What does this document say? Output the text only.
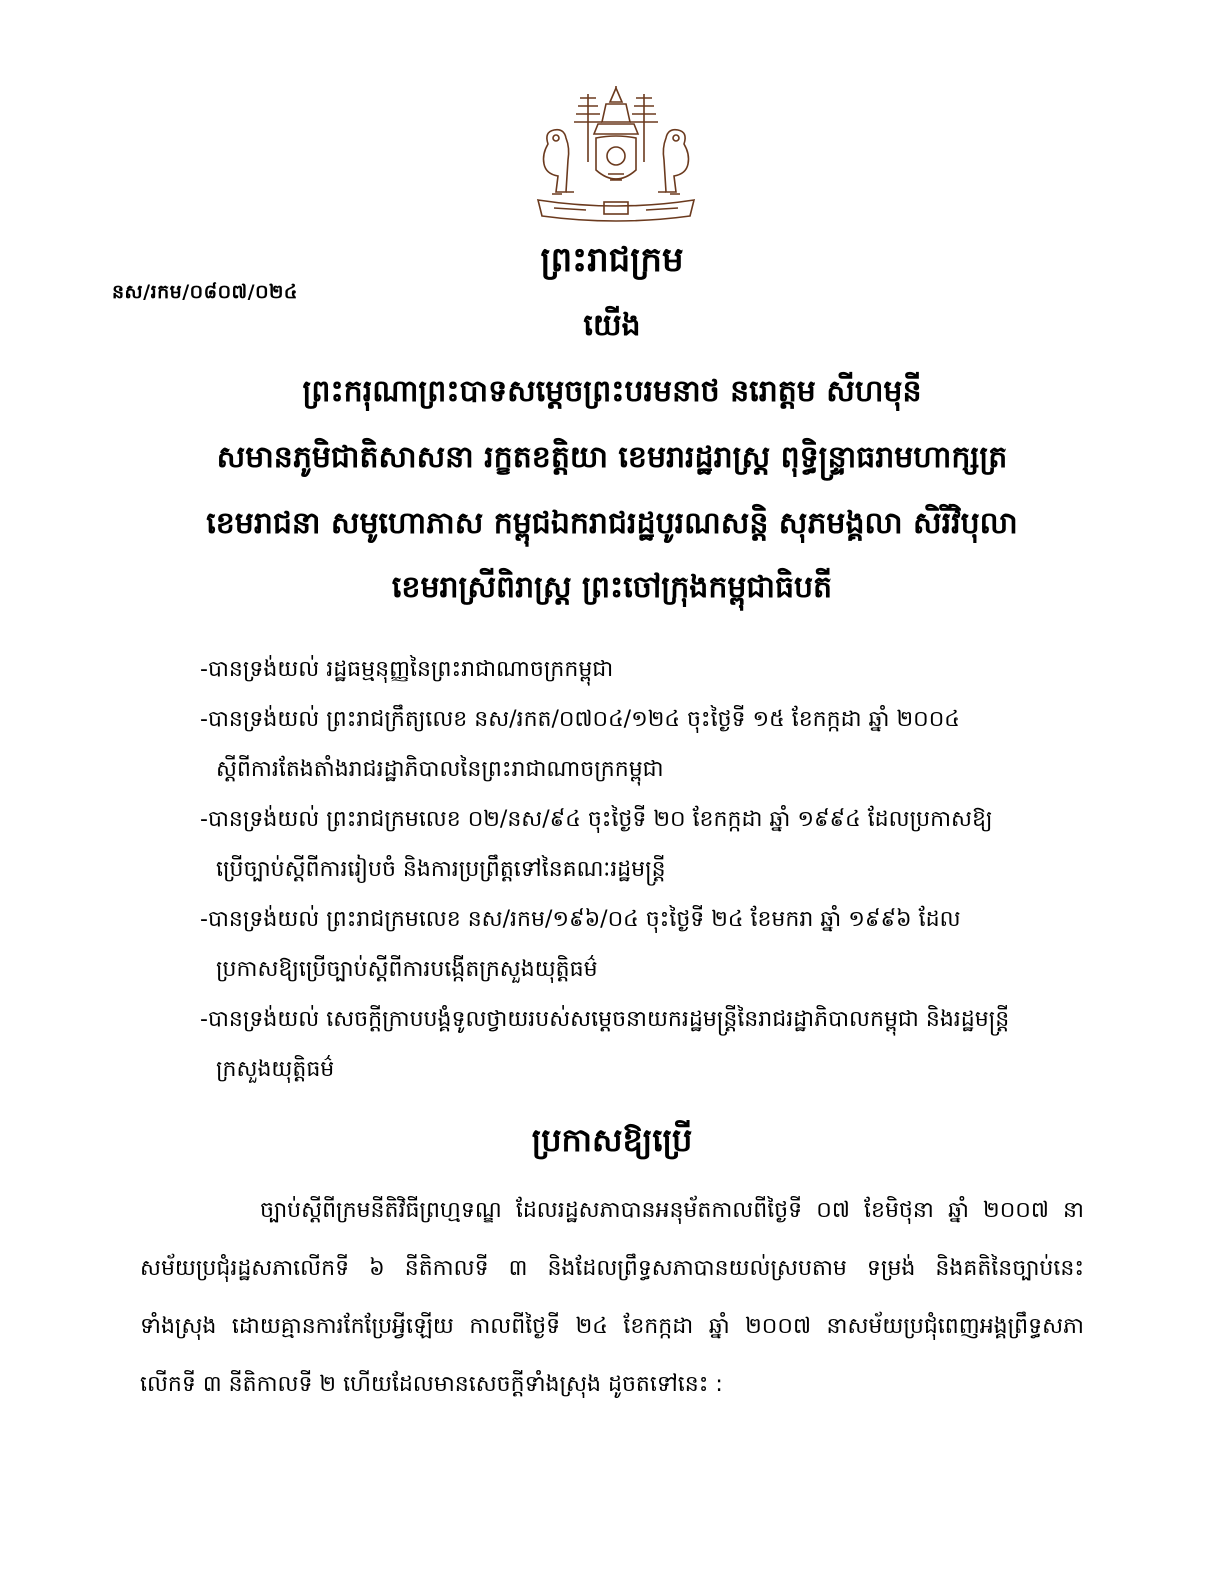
នស/រកម/០៨០៧/០២៤
ព្រះរាជក្រម
យើង
ព្រះករុណាព្រះបាទសម្តេចព្រះបរមនាថ នរោត្តម សីហមុនី
សមានភូមិជាតិសាសនា រក្ខតខត្តិយា ខេមរារដ្ឋរាស្ត្រ ពុទ្ធិន្ទ្រាធរាមហាក្សត្រ
ខេមរាជនា សមូហោភាស កម្ពុជឯករាជរដ្ឋបូរណសន្តិ សុភមង្គលា សិរីវិបុលា
ខេមរាស្រីពិរាស្ត្រ ព្រះចៅក្រុងកម្ពុជាធិបតី
-បានទ្រង់យល់ រដ្ឋធម្មនុញ្ញនៃព្រះរាជាណាចក្រកម្ពុជា
-បានទ្រង់យល់ ព្រះរាជក្រឹត្យលេខ នស/រកត/០៧០៤/១២៤ ចុះថ្ងៃទី ១៥ ខែកក្កដា ឆ្នាំ ២០០៤
ស្តីពីការតែងតាំងរាជរដ្ឋាភិបាលនៃព្រះរាជាណាចក្រកម្ពុជា
-បានទ្រង់យល់ ព្រះរាជក្រមលេខ ០២/នស/៩៤ ចុះថ្ងៃទី ២០ ខែកក្កដា ឆ្នាំ ១៩៩៤ ដែលប្រកាសឱ្យ
ប្រើច្បាប់ស្តីពីការរៀបចំ និងការប្រព្រឹត្តទៅនៃគណៈរដ្ឋមន្ត្រី
-បានទ្រង់យល់ ព្រះរាជក្រមលេខ នស/រកម/១៩៦/០៤ ចុះថ្ងៃទី ២៤ ខែមករា ឆ្នាំ ១៩៩៦ ដែល
ប្រកាសឱ្យប្រើច្បាប់ស្តីពីការបង្កើតក្រសួងយុត្តិធម៌
-បានទ្រង់យល់ សេចក្តីក្រាបបង្គំទូលថ្វាយរបស់សម្តេចនាយករដ្ឋមន្ត្រីនៃរាជរដ្ឋាភិបាលកម្ពុជា និងរដ្ឋមន្ត្រី
ក្រសួងយុត្តិធម៌
ប្រកាសឱ្យប្រើ
ច្បាប់ស្តីពីក្រមនីតិវិធីព្រហ្មទណ្ឌ ដែលរដ្ឋសភាបានអនុម័តកាលពីថ្ងៃទី ០៧ ខែមិថុនា ឆ្នាំ ២០០៧ នាសម័យប្រជុំរដ្ឋសភាលើកទី ៦ នីតិកាលទី ៣ និងដែលព្រឹទ្ធសភាបានយល់ស្របតាម ទម្រង់ និងគតិនៃច្បាប់នេះ ទាំងស្រុង ដោយគ្មានការកែប្រែអ្វីឡើយ កាលពីថ្ងៃទី ២៤ ខែកក្កដា ឆ្នាំ ២០០៧ នាសម័យប្រជុំពេញអង្គព្រឹទ្ធសភា លើកទី ៣ នីតិកាលទី ២ ហើយដែលមានសេចក្តីទាំងស្រុង ដូចតទៅនេះ :
